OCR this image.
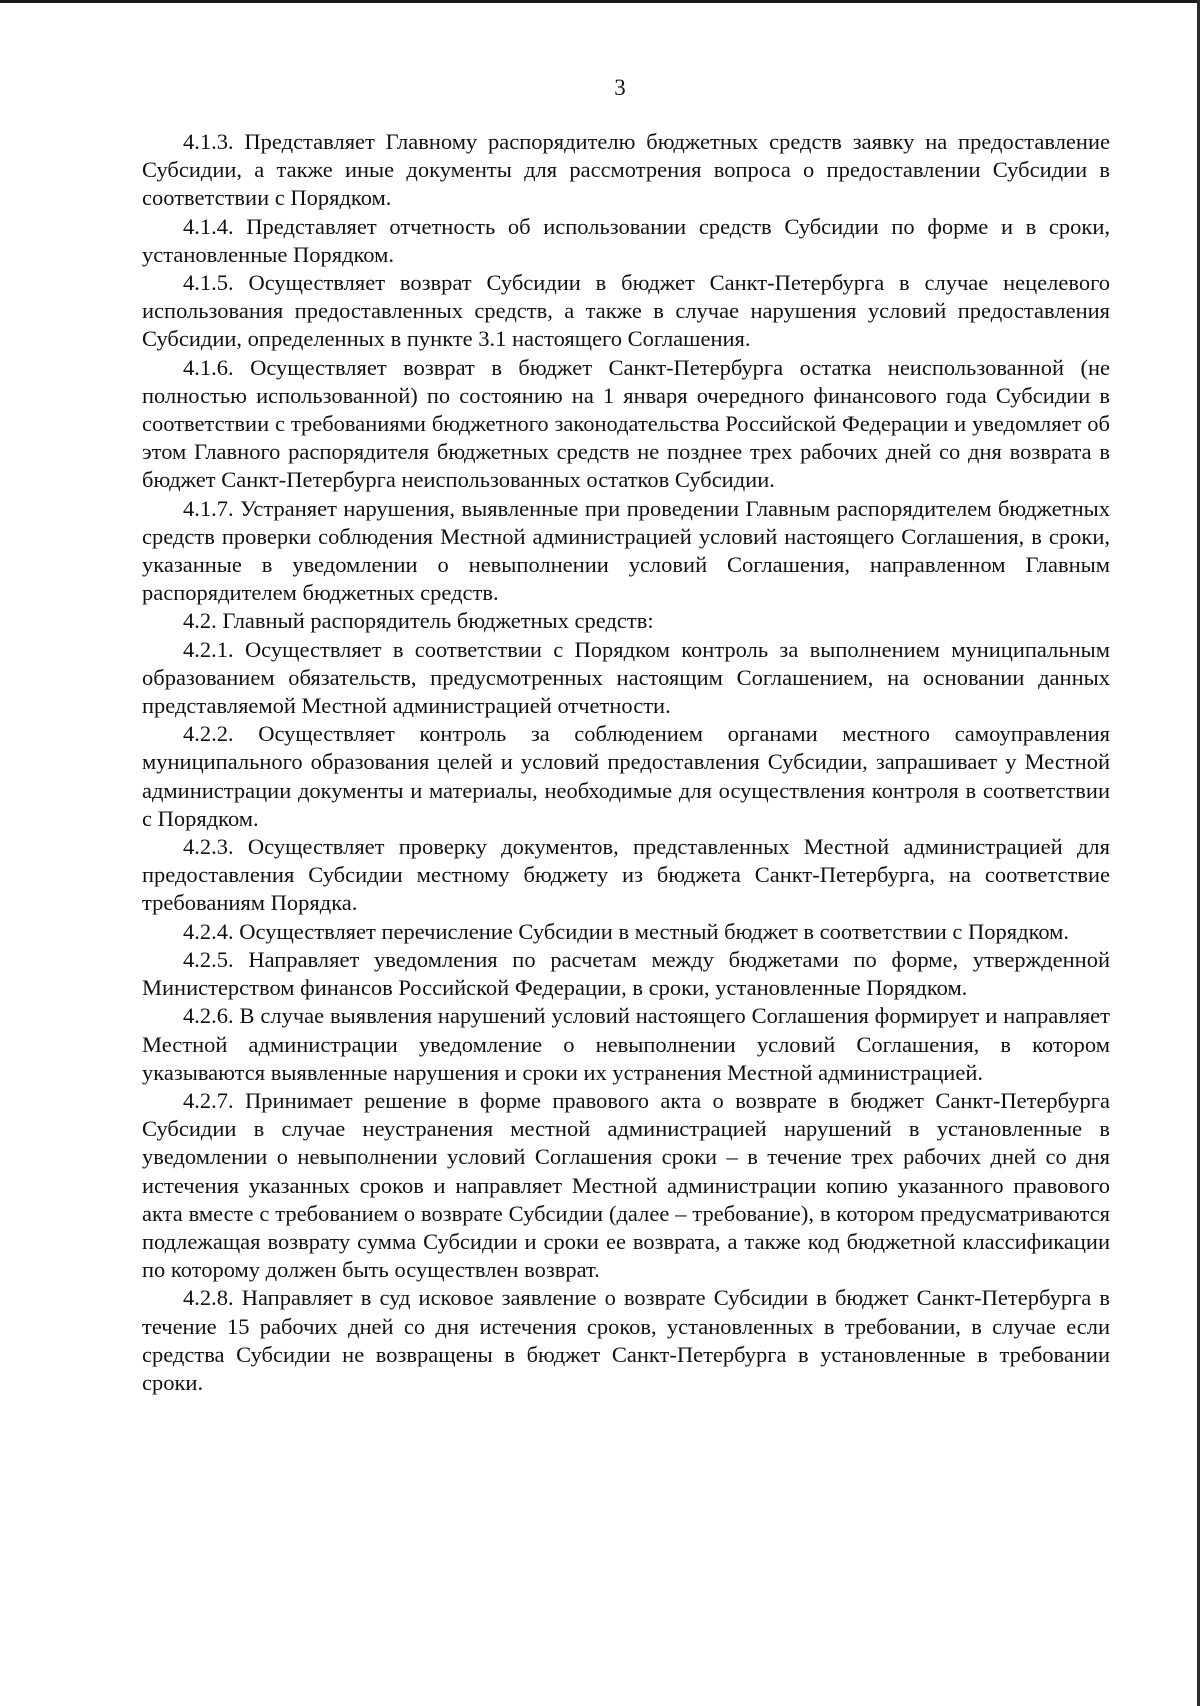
3

4.1.3. Представляет Главному распорядителю бюджетных средств заявку на предоставление Субсидии, а также иные документы для рассмотрения вопроса о предоставлении Субсидии в соответствии с Порядком.

4.1.4. Представляет отчетность об использовании средств Субсидии по форме и в сроки, установленные Порядком.

4.1.5. Осуществляет возврат Субсидии в бюджет Санкт-Петербурга в случае нецелевого использования предоставленных средств, а также в случае нарушения условий предоставления Субсидии, определенных в пункте 3.1 настоящего Соглашения.

4.1.6. Осуществляет возврат в бюджет Санкт-Петербурга остатка неиспользованной (не полностью использованной) по состоянию на 1 января очередного финансового года Субсидии в соответствии с требованиями бюджетного законодательства Российской Федерации и уведомляет об этом Главного распорядителя бюджетных средств не позднее трех рабочих дней со дня возврата в бюджет Санкт-Петербурга неиспользованных остатков Субсидии.

4.1.7. Устраняет нарушения, выявленные при проведении Главным распорядителем бюджетных средств проверки соблюдения Местной администрацией условий настоящего Соглашения, в сроки, указанные в уведомлении о невыполнении условий Соглашения, направленном Главным распорядителем бюджетных средств.

4.2. Главный распорядитель бюджетных средств:

4.2.1. Осуществляет в соответствии с Порядком контроль за выполнением муниципальным образованием обязательств, предусмотренных настоящим Соглашением, на основании данных представляемой Местной администрацией отчетности.

4.2.2. Осуществляет контроль за соблюдением органами местного самоуправления муниципального образования целей и условий предоставления Субсидии, запрашивает у Местной администрации документы и материалы, необходимые для осуществления контроля в соответствии с Порядком.

4.2.3. Осуществляет проверку документов, представленных Местной администрацией для предоставления Субсидии местному бюджету из бюджета Санкт-Петербурга, на соответствие требованиям Порядка.

4.2.4. Осуществляет перечисление Субсидии в местный бюджет в соответствии с Порядком.

4.2.5. Направляет уведомления по расчетам между бюджетами по форме, утвержденной Министерством финансов Российской Федерации, в сроки, установленные Порядком.

4.2.6. В случае выявления нарушений условий настоящего Соглашения формирует и направляет Местной администрации уведомление о невыполнении условий Соглашения, в котором указываются выявленные нарушения и сроки их устранения Местной администрацией.

4.2.7. Принимает решение в форме правового акта о возврате в бюджет Санкт-Петербурга Субсидии в случае неустранения местной администрацией нарушений в установленные в уведомлении о невыполнении условий Соглашения сроки – в течение трех рабочих дней со дня истечения указанных сроков и направляет Местной администрации копию указанного правового акта вместе с требованием о возврате Субсидии (далее – требование), в котором предусматриваются подлежащая возврату сумма Субсидии и сроки ее возврата, а также код бюджетной классификации по которому должен быть осуществлен возврат.

4.2.8. Направляет в суд исковое заявление о возврате Субсидии в бюджет Санкт-Петербурга в течение 15 рабочих дней со дня истечения сроков, установленных в требовании, в случае если средства Субсидии не возвращены в бюджет Санкт-Петербурга в установленные в требовании сроки.
